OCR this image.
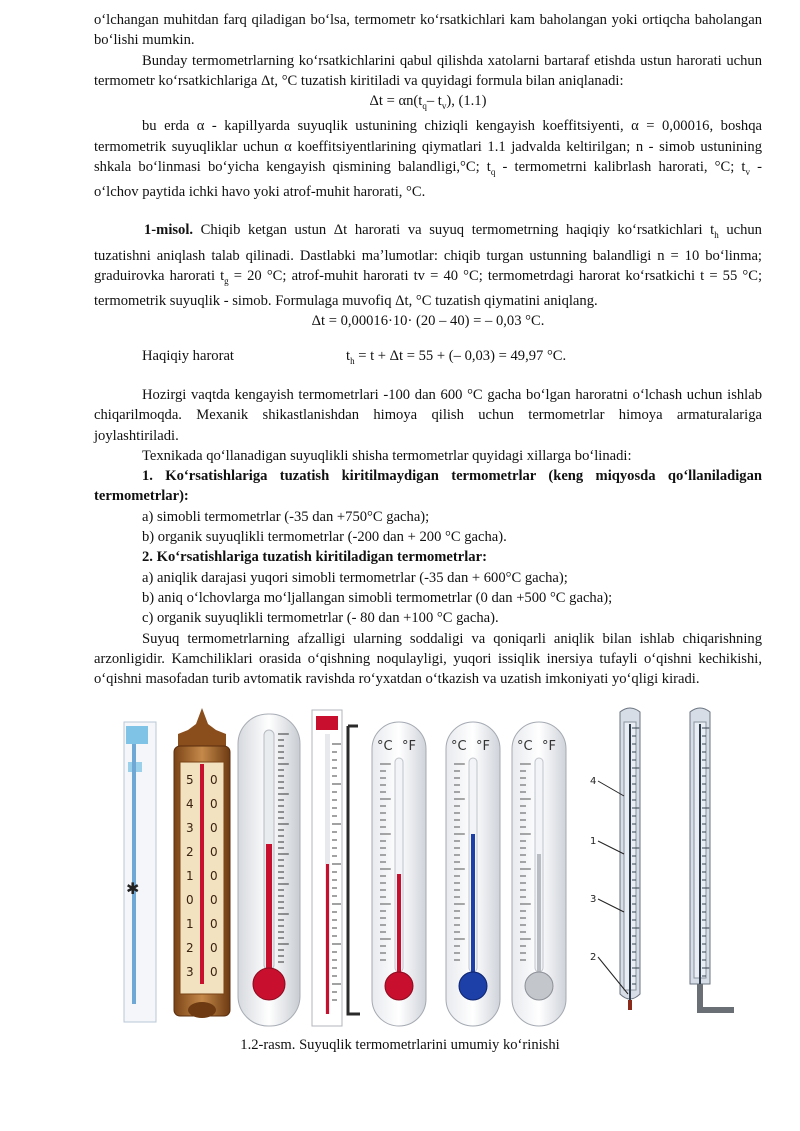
oʻlchangan muhitdan farq qiladigan boʻlsa, termometr koʻrsatkichlari kam baholangan yoki ortiqcha baholangan boʻlishi mumkin.

Bunday termometrlarning koʻrsatkichlarini qabul qilishda xatolarni bartaraf etishda ustun harorati uchun termometr koʻrsatkichlariga Δt, °C tuzatish kiritiladi va quyidagi formula bilan aniqlanadi:

$\Delta t = \alpha n(t_q-$ $t_v$), (1.1)

bu erda α - kapillyarda suyuqlik ustunining chiziqli kengayish koeffitsiyenti, α = 0,00016, boshqa termometrik suyuqliklar uchun α koeffitsiyentlarining qiymatlari 1.1 jadvalda keltirilgan; n - simob ustunining shkala boʻlinmasi boʻyicha kengayish qismining balandligi,°C; $t_q$ - termometrni kalibrlash harorati, °C; $t_v$ - oʻlchov paytida ichki havo yoki atrof-muhit harorati, °C.

1-misol. Chiqib ketgan ustun Δt harorati va suyuq termometrning haqiqiy koʻrsatkichlari $t_h$ uchun tuzatishni aniqlash talab qilinadi. Dastlabki maʼlumotlar: chiqib turgan ustunning balandligi n = 10 boʻlinma; graduirovka harorati $t_g = 20$ °C; atrof-muhit harorati tv = 40 °C; termometrdagi harorat koʻrsatkichi t = 55 °C; termometrik suyuqlik - simob. Formulaga muvofiq Δt, °C tuzatish qiymatini aniqlang.

Δt = 0,00016·10· (20 – 40) = – 0,03 °C.

Haqiqiy harorat	$t_h = t + \Delta t = 55$ + (– 0,03) = 49,97 °C.

Hozirgi vaqtda kengayish termometrlari -100 dan 600 °C gacha boʻlgan haroratni oʻlchash uchun ishlab chiqarilmoqda. Mexanik shikastlanishdan himoya qilish uchun termometrlar himoya armaturalariga joylashtiriladi.

Texnikada qoʻllanadigan suyuqlikli shisha termometrlar quyidagi xillarga boʻlinadi:

1. Koʻrsatishlariga tuzatish kiritilmaydigan termometrlar (keng miqyosda qoʻllaniladigan termometrlar):

a) simobli termometrlar (-35 dan +750°C gacha);

b) organik suyuqlikli termometrlar (-200 dan + 200 °C gacha).

2. Koʻrsatishlariga tuzatish kiritiladigan termometrlar:

a) aniqlik darajasi yuqori simobli termometrlar (-35 dan + 600°C gacha);

b) aniq oʻlchovlarga moʻljallangan simobli termometrlar (0 dan +500 °C gacha);

c) organik suyuqlikli termometrlar (- 80 dan +100 °C gacha).

Suyuq termometrlarning afzalligi ularning soddaligi va qoniqarli aniqlik bilan ishlab chiqarishning arzonligidir. Kamchiliklari orasida oʻqishning noqulayligi, yuqori issiqlik inersiya tufayli oʻqishni kechikishi, oʻqishni masofadan turib avtomatik ravishda roʻyxatdan oʻtkazish va uzatish imkoniyati yoʻqligi kiradi.

✱
5 0
4 0
3 0
2 0
1 0
0 0
1 0
2 0
3 0
°C °F	°C °F °C °F
4
1
3
2
1.2-rasm. Suyuqlik termometrlarini umumiy koʻrinishi
